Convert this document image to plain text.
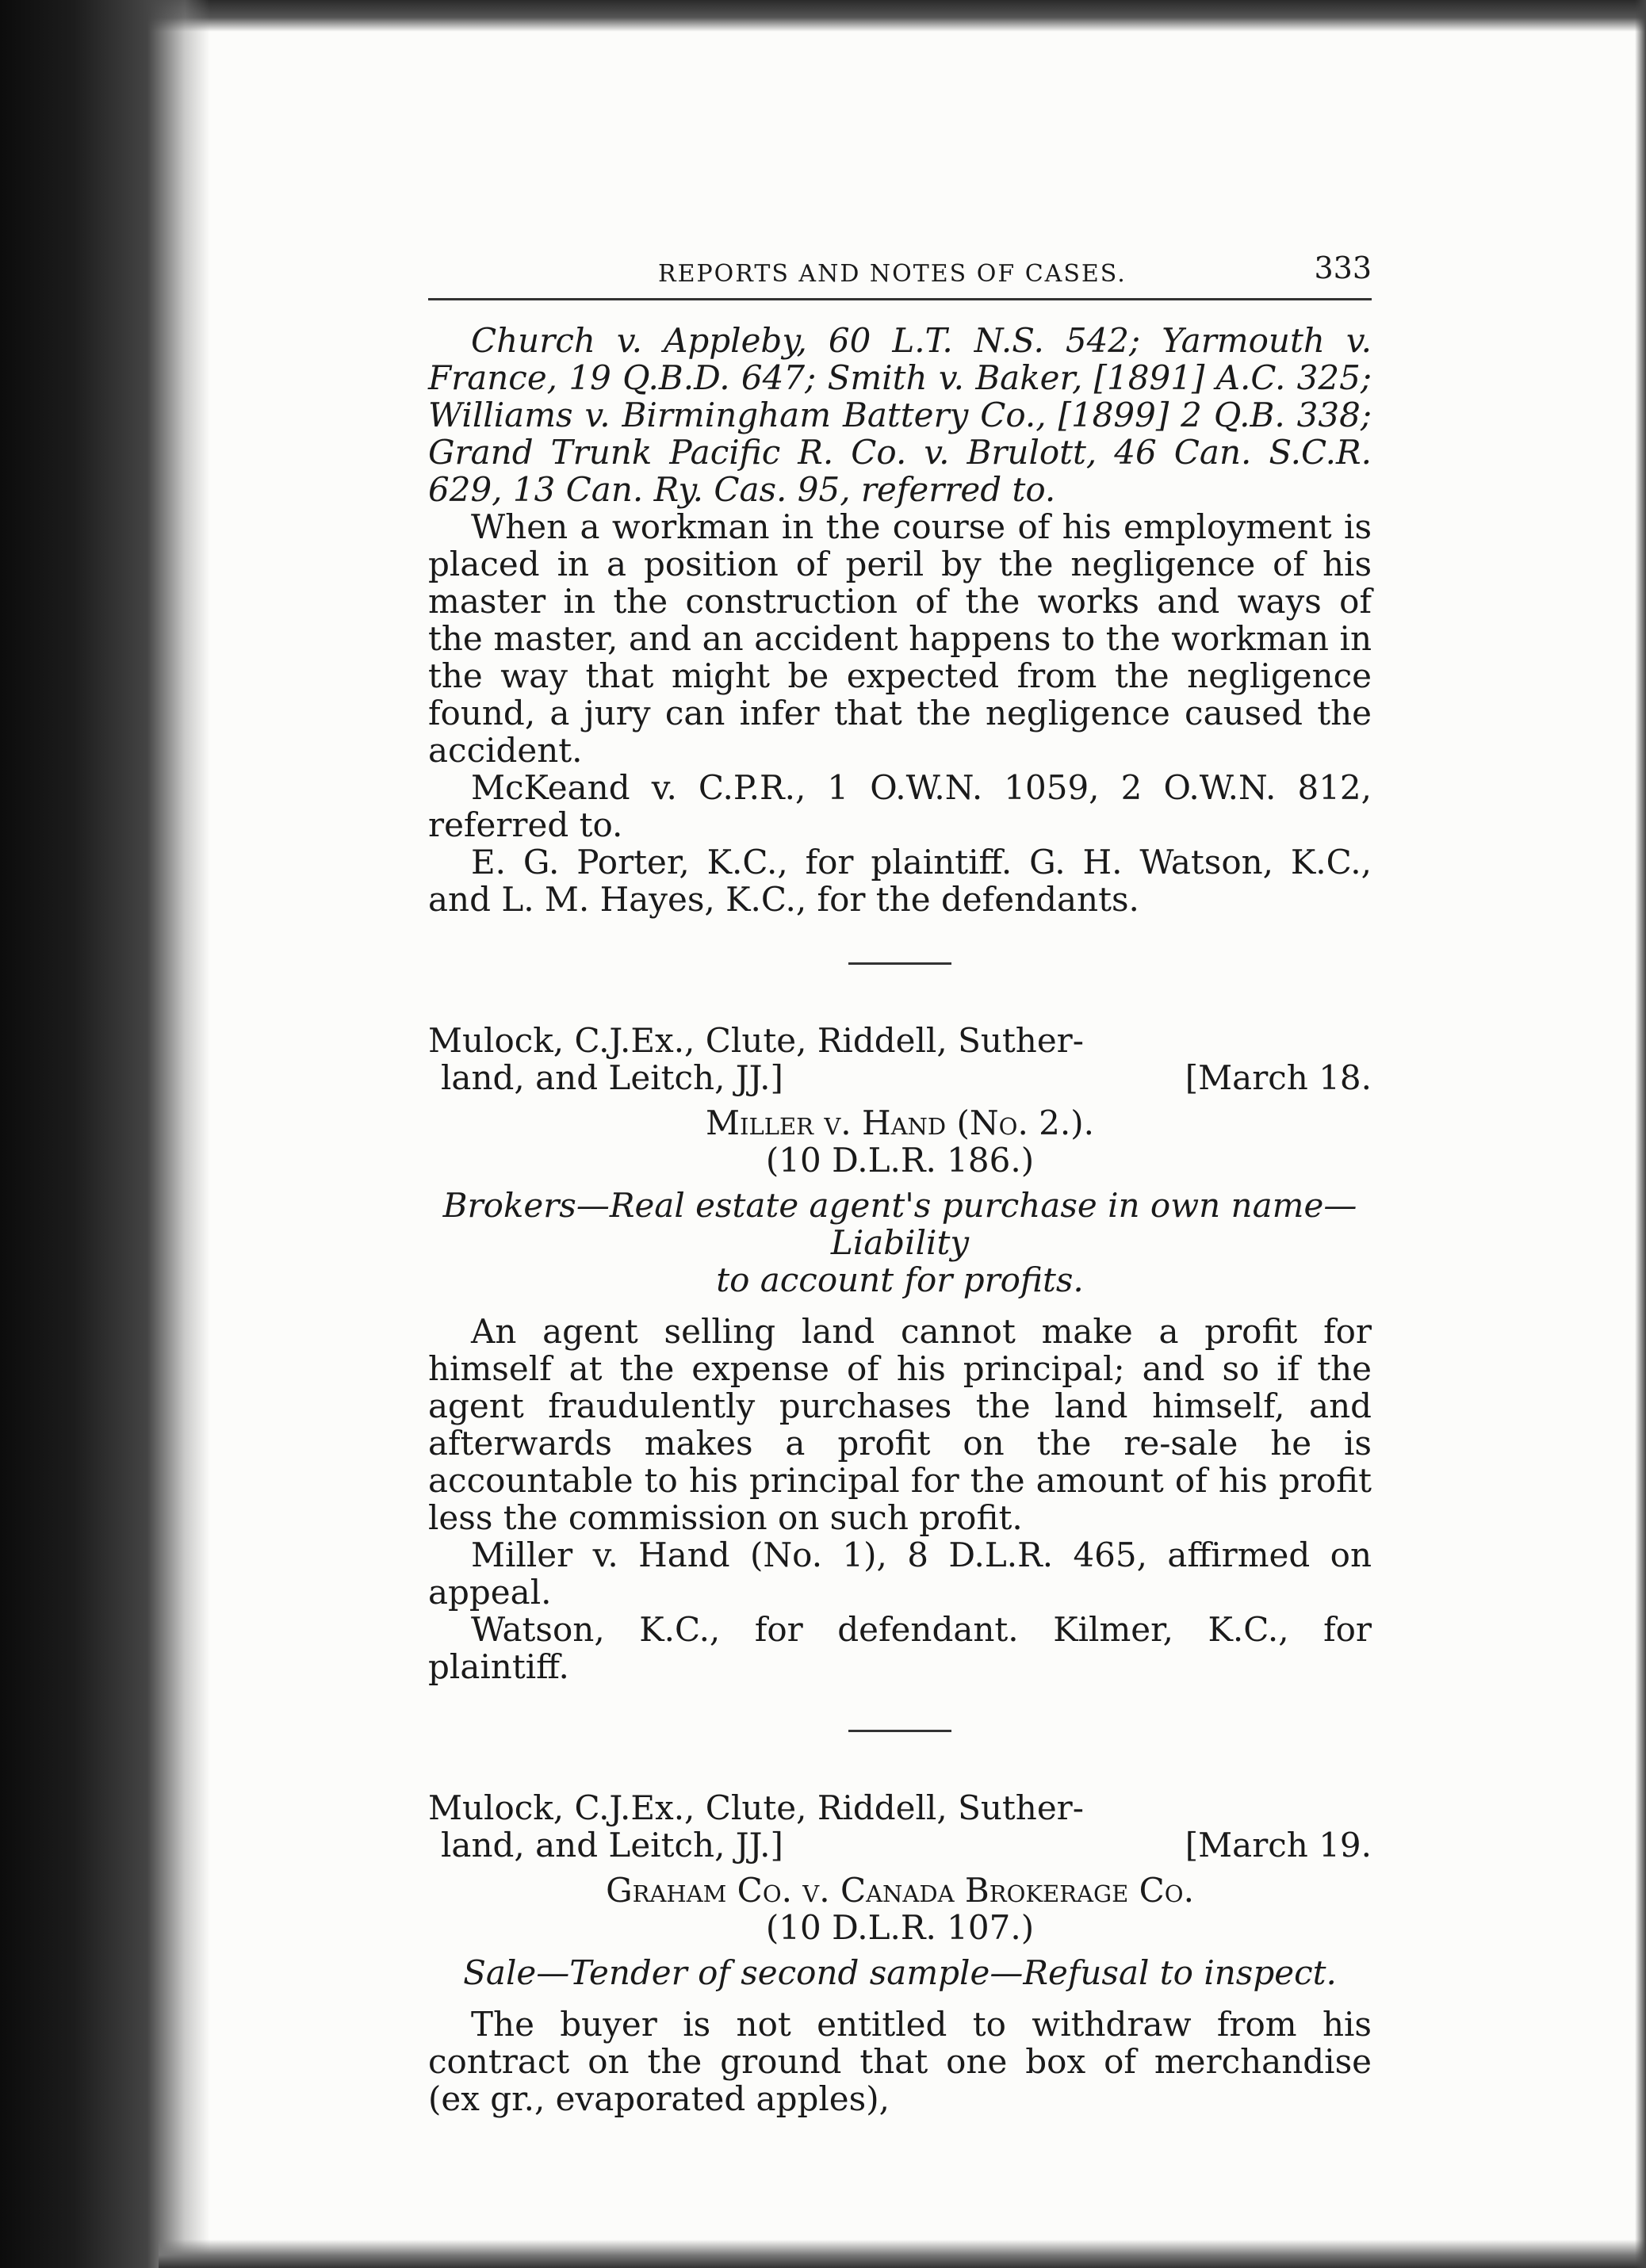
REPORTS AND NOTES OF CASES.	333

Church v. Appleby, 60 L.T. N.S. 542; Yarmouth v. France, 19 Q.B.D. 647; Smith v. Baker, [1891] A.C. 325; Williams v. Birmingham Battery Co., [1899] 2 Q.B. 338; Grand Trunk Pacific R. Co. v. Brulott, 46 Can. S.C.R. 629, 13 Can. Ry. Cas. 95, referred to.

When a workman in the course of his employment is placed in a position of peril by the negligence of his master in the construction of the works and ways of the master, and an accident happens to the workman in the way that might be expected from the negligence found, a jury can infer that the negligence caused the accident.

McKeand v. C.P.R., 1 O.W.N. 1059, 2 O.W.N. 812, referred to.

E. G. Porter, K.C., for plaintiff. G. H. Watson, K.C., and L. M. Hayes, K.C., for the defendants.

Mulock, C.J.Ex., Clute, Riddell, Suther-

land, and Leitch, JJ.]	[March 18.

Miller v. Hand (No. 2.).

(10 D.L.R. 186.)

Brokers—Real estate agent's purchase in own name—Liability

to account for profits.

An agent selling land cannot make a profit for himself at the expense of his principal; and so if the agent fraudulently purchases the land himself, and afterwards makes a profit on the re-sale he is accountable to his principal for the amount of his profit less the commission on such profit.

Miller v. Hand (No. 1), 8 D.L.R. 465, affirmed on appeal.

Watson, K.C., for defendant. Kilmer, K.C., for plaintiff.

Mulock, C.J.Ex., Clute, Riddell, Suther-

land, and Leitch, JJ.]	[March 19.

Graham Co. v. Canada Brokerage Co.

(10 D.L.R. 107.)

Sale—Tender of second sample—Refusal to inspect.

The buyer is not entitled to withdraw from his contract on the ground that one box of merchandise (ex gr., evaporated apples),
